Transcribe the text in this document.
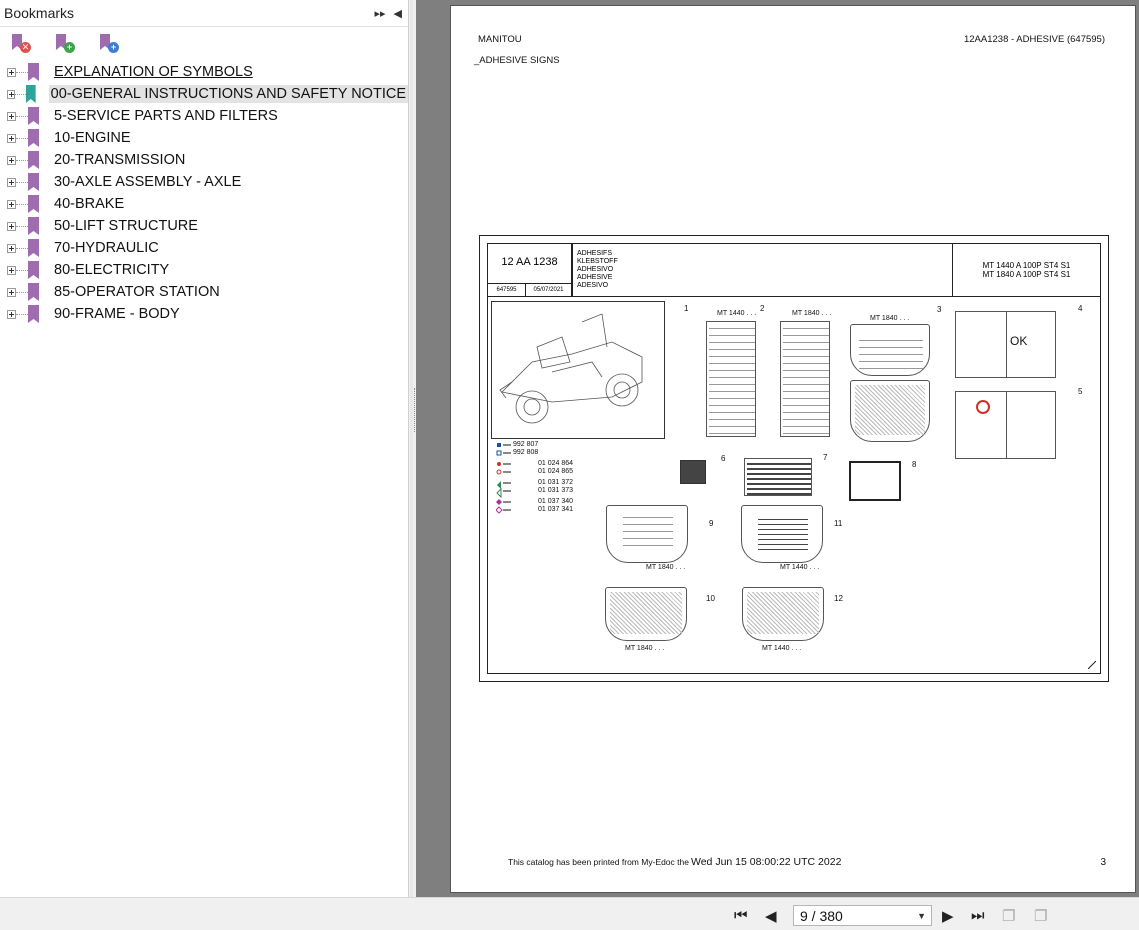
Bookmarks	▸▸ ◀
✕	+	+
EXPLANATION OF SYMBOLS
00-GENERAL INSTRUCTIONS AND SAFETY NOTICE
5-SERVICE PARTS AND FILTERS
10-ENGINE
20-TRANSMISSION
30-AXLE ASSEMBLY - AXLE
40-BRAKE
50-LIFT STRUCTURE
70-HYDRAULIC
80-ELECTRICITY
85-OPERATOR STATION
90-FRAME - BODY
MANITOU	12AA1238 - ADHESIVE (647595)
_ADHESIVE SIGNS
12 AA 1238
647595	05/07/2021
ADHESIFS
KLEBSTOFF
ADHESIVO
ADHESIVE
ADESIVO
MT 1440 A 100P ST4 S1
MT 1840 A 100P ST4 S1
992 807
992 808
01 024 864
01 024 865
01 031 372
01 031 373
01 037 340
01 037 341
1
MT 1440 . . .
2
MT 1840 . . .
MT 1840 . . .
3	4
OK
5
6	7
8
9
MT 1840 . . .
11
MT 1440 . . .
10
MT 1840 . . .
12
MT 1440 . . .
This catalog has been printed from My-Edoc the Wed Jun 15 08:00:22 UTC 2022	3
⏮ ◀	▶ ⏭ ❐ ❐
9 / 380	▼
